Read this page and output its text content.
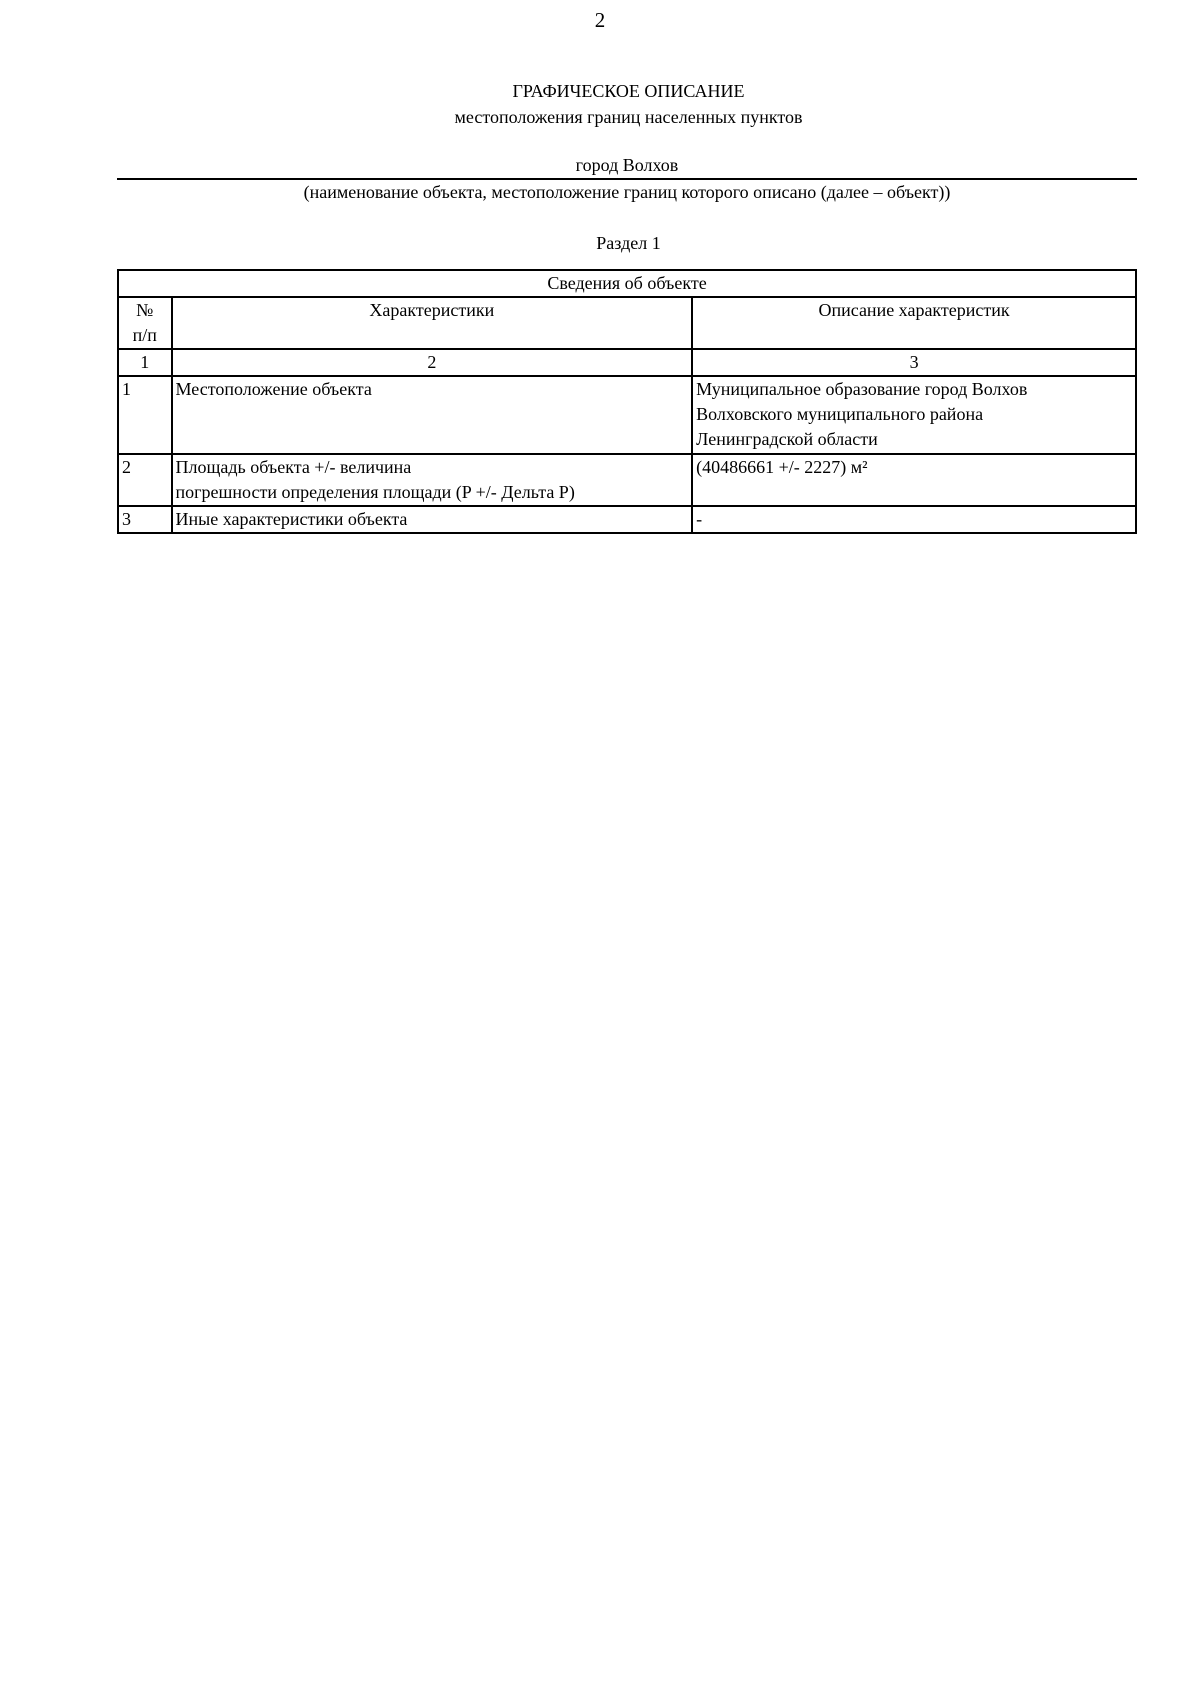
2
ГРАФИЧЕСКОЕ ОПИСАНИЕ
местоположения границ населенных пунктов
город Волхов
(наименование объекта, местоположение границ которого описано (далее – объект))
Раздел 1
Сведения об объекте		

№
п/п	Характеристики	Описание характеристик
1	2	3
1	Местоположение объекта	Муниципальное образование город Волхов
Волховского муниципального района
Ленинградской области

2	Площадь объекта +/- величина
погрешности определения площади (P +/- Дельта P)	(40486661 +/- 2227) м²

3	Иные характеристики объекта	-
